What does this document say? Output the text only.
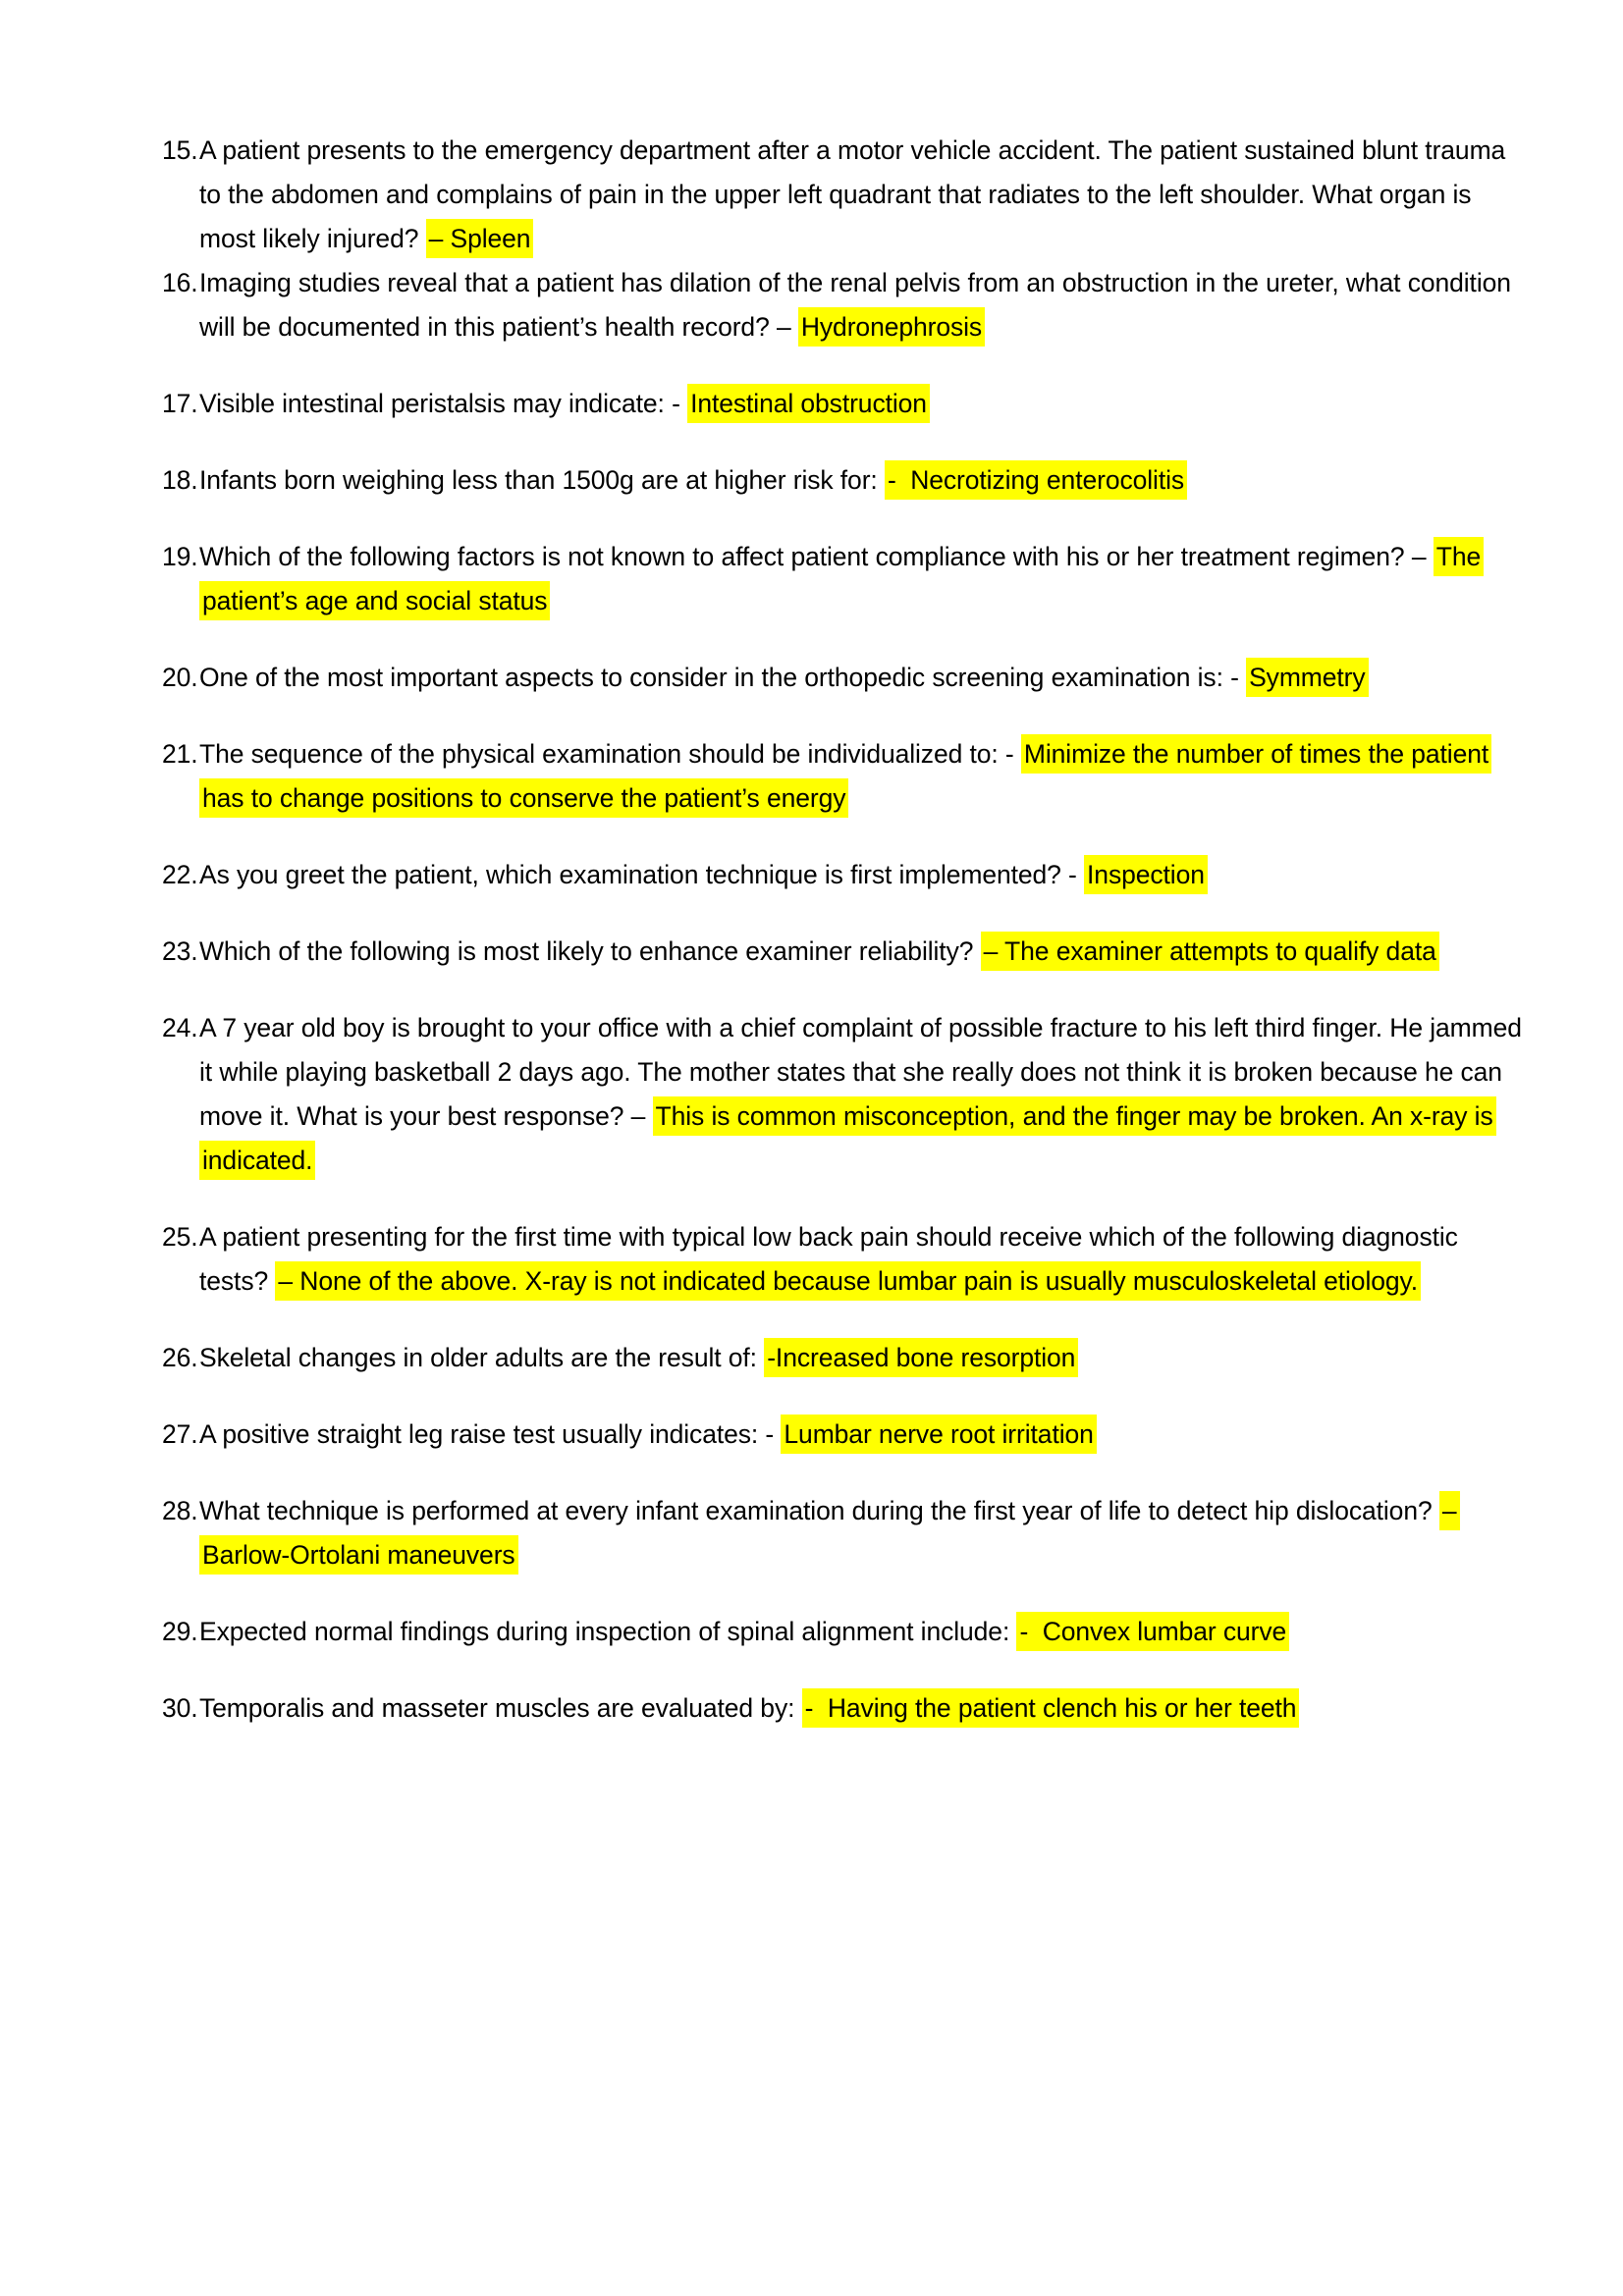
15. A patient presents to the emergency department after a motor vehicle accident. The patient sustained blunt trauma to the abdomen and complains of pain in the upper left quadrant that radiates to the left shoulder. What organ is most likely injured? – Spleen
16. Imaging studies reveal that a patient has dilation of the renal pelvis from an obstruction in the ureter, what condition will be documented in this patient’s health record? – Hydronephrosis
17. Visible intestinal peristalsis may indicate: - Intestinal obstruction
18. Infants born weighing less than 1500g are at higher risk for: -  Necrotizing enterocolitis
19. Which of the following factors is not known to affect patient compliance with his or her treatment regimen? – The patient’s age and social status
20. One of the most important aspects to consider in the orthopedic screening examination is: - Symmetry
21. The sequence of the physical examination should be individualized to: - Minimize the number of times the patient has to change positions to conserve the patient’s energy
22. As you greet the patient, which examination technique is first implemented? - Inspection
23. Which of the following is most likely to enhance examiner reliability? – The examiner attempts to qualify data
24. A 7 year old boy is brought to your office with a chief complaint of possible fracture to his left third finger. He jammed it while playing basketball 2 days ago. The mother states that she really does not think it is broken because he can move it. What is your best response? – This is common misconception, and the finger may be broken. An x-ray is indicated.
25. A patient presenting for the first time with typical low back pain should receive which of the following diagnostic tests? – None of the above. X-ray is not indicated because lumbar pain is usually musculoskeletal etiology.
26. Skeletal changes in older adults are the result of: -Increased bone resorption
27. A positive straight leg raise test usually indicates: - Lumbar nerve root irritation
28. What technique is performed at every infant examination during the first year of life to detect hip dislocation? – Barlow-Ortolani maneuvers
29. Expected normal findings during inspection of spinal alignment include: -  Convex lumbar curve
30. Temporalis and masseter muscles are evaluated by: -  Having the patient clench his or her teeth
